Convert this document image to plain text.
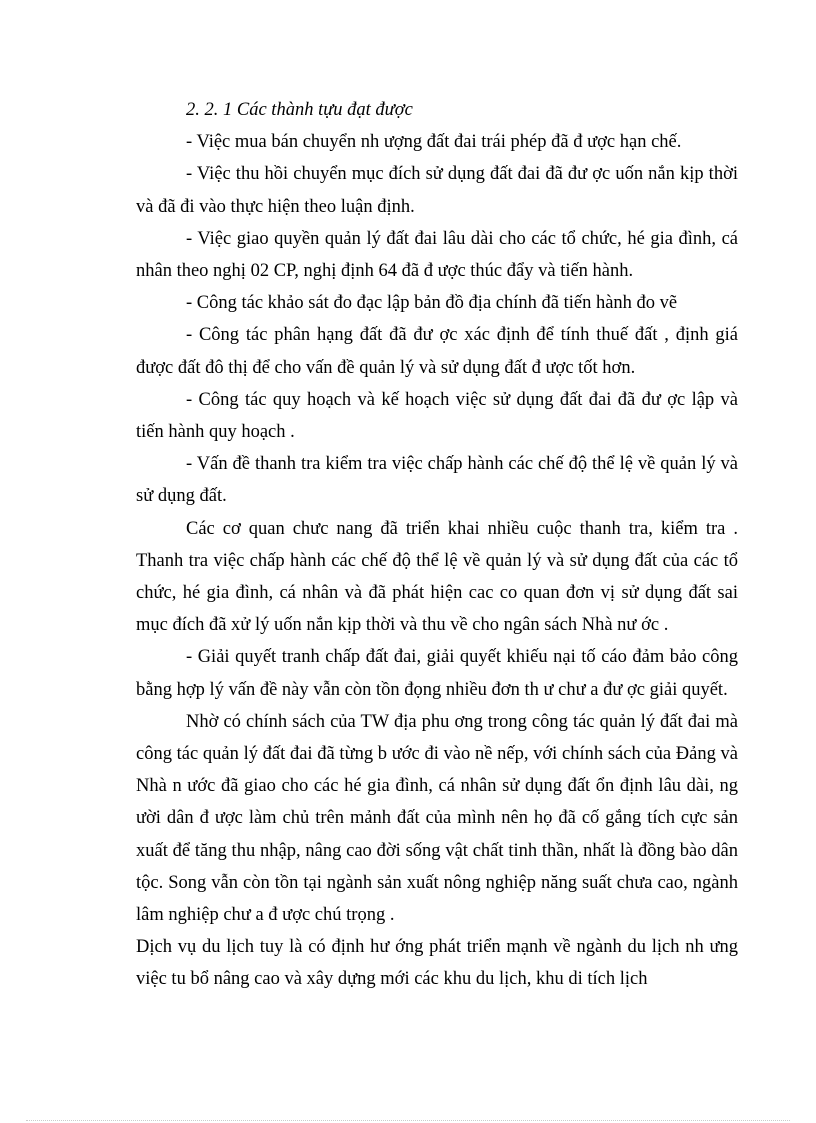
2. 2. 1 Các thành tựu đạt được

- Việc mua bán chuyển nh ượng đất đai trái phép đã đ ược hạn chế.

- Việc thu hồi chuyển mục đích sử dụng đất đai đã đư ợc uốn nắn kịp thời và đã đi vào thực hiện theo luận định.

- Việc giao quyền quản lý đất đai lâu dài cho các tổ chức, hé gia đình, cá nhân theo nghị 02 CP, nghị định 64 đã đ ược thúc đẩy và tiến hành.

- Công tác khảo sát đo đạc lập bản đồ địa chính đã tiến hành đo vẽ

- Công tác phân hạng đất đã đư ợc xác định để tính thuế đất , định giá được đất đô thị để cho vấn đề quản lý và sử dụng đất đ ược tốt hơn.

- Công tác quy hoạch và kế hoạch việc sử dụng đất đai đã đư ợc lập và tiến hành quy hoạch .

- Vấn đề thanh tra kiểm tra việc chấp hành các chế độ thể lệ về quản lý và sử dụng đất.

Các cơ quan chưc nang đã triển khai nhiều cuộc thanh tra, kiểm tra . Thanh tra việc chấp hành các chế độ thể lệ về quản lý và sử dụng đất của các tổ chức, hé gia đình, cá nhân và đã phát hiện cac co quan đơn vị sử dụng đất sai mục đích đã xử lý uốn nắn kịp thời và thu về cho ngân sách Nhà nư ớc .

- Giải quyết tranh chấp đất đai, giải quyết khiếu nại tố cáo đảm bảo công bằng hợp lý vấn đề này vẫn còn tồn đọng nhiều đơn th ư chư a đư ợc giải quyết.

Nhờ có chính sách của TW địa phu ơng trong công tác quản lý đất đai mà công tác quản lý đất đai đã từng b ước đi vào nề nếp, với chính sách của Đảng và Nhà n ước đã giao cho các hé gia đình, cá nhân sử dụng đất ổn định lâu dài, ng ười dân đ ược làm chủ trên mảnh đất của mình nên họ đã cố gắng tích cực sản xuất để tăng thu nhập, nâng cao đời sống vật chất tinh thần, nhất là đồng bào dân tộc. Song vẫn còn tồn tại ngành sản xuất nông nghiệp năng suất chưa cao, ngành lâm nghiệp chư a đ ược chú trọng .

Dịch vụ du lịch tuy là có định hư ớng phát triển mạnh về ngành du lịch nh ưng việc tu bổ nâng cao và xây dựng mới các khu du lịch, khu di tích lịch
